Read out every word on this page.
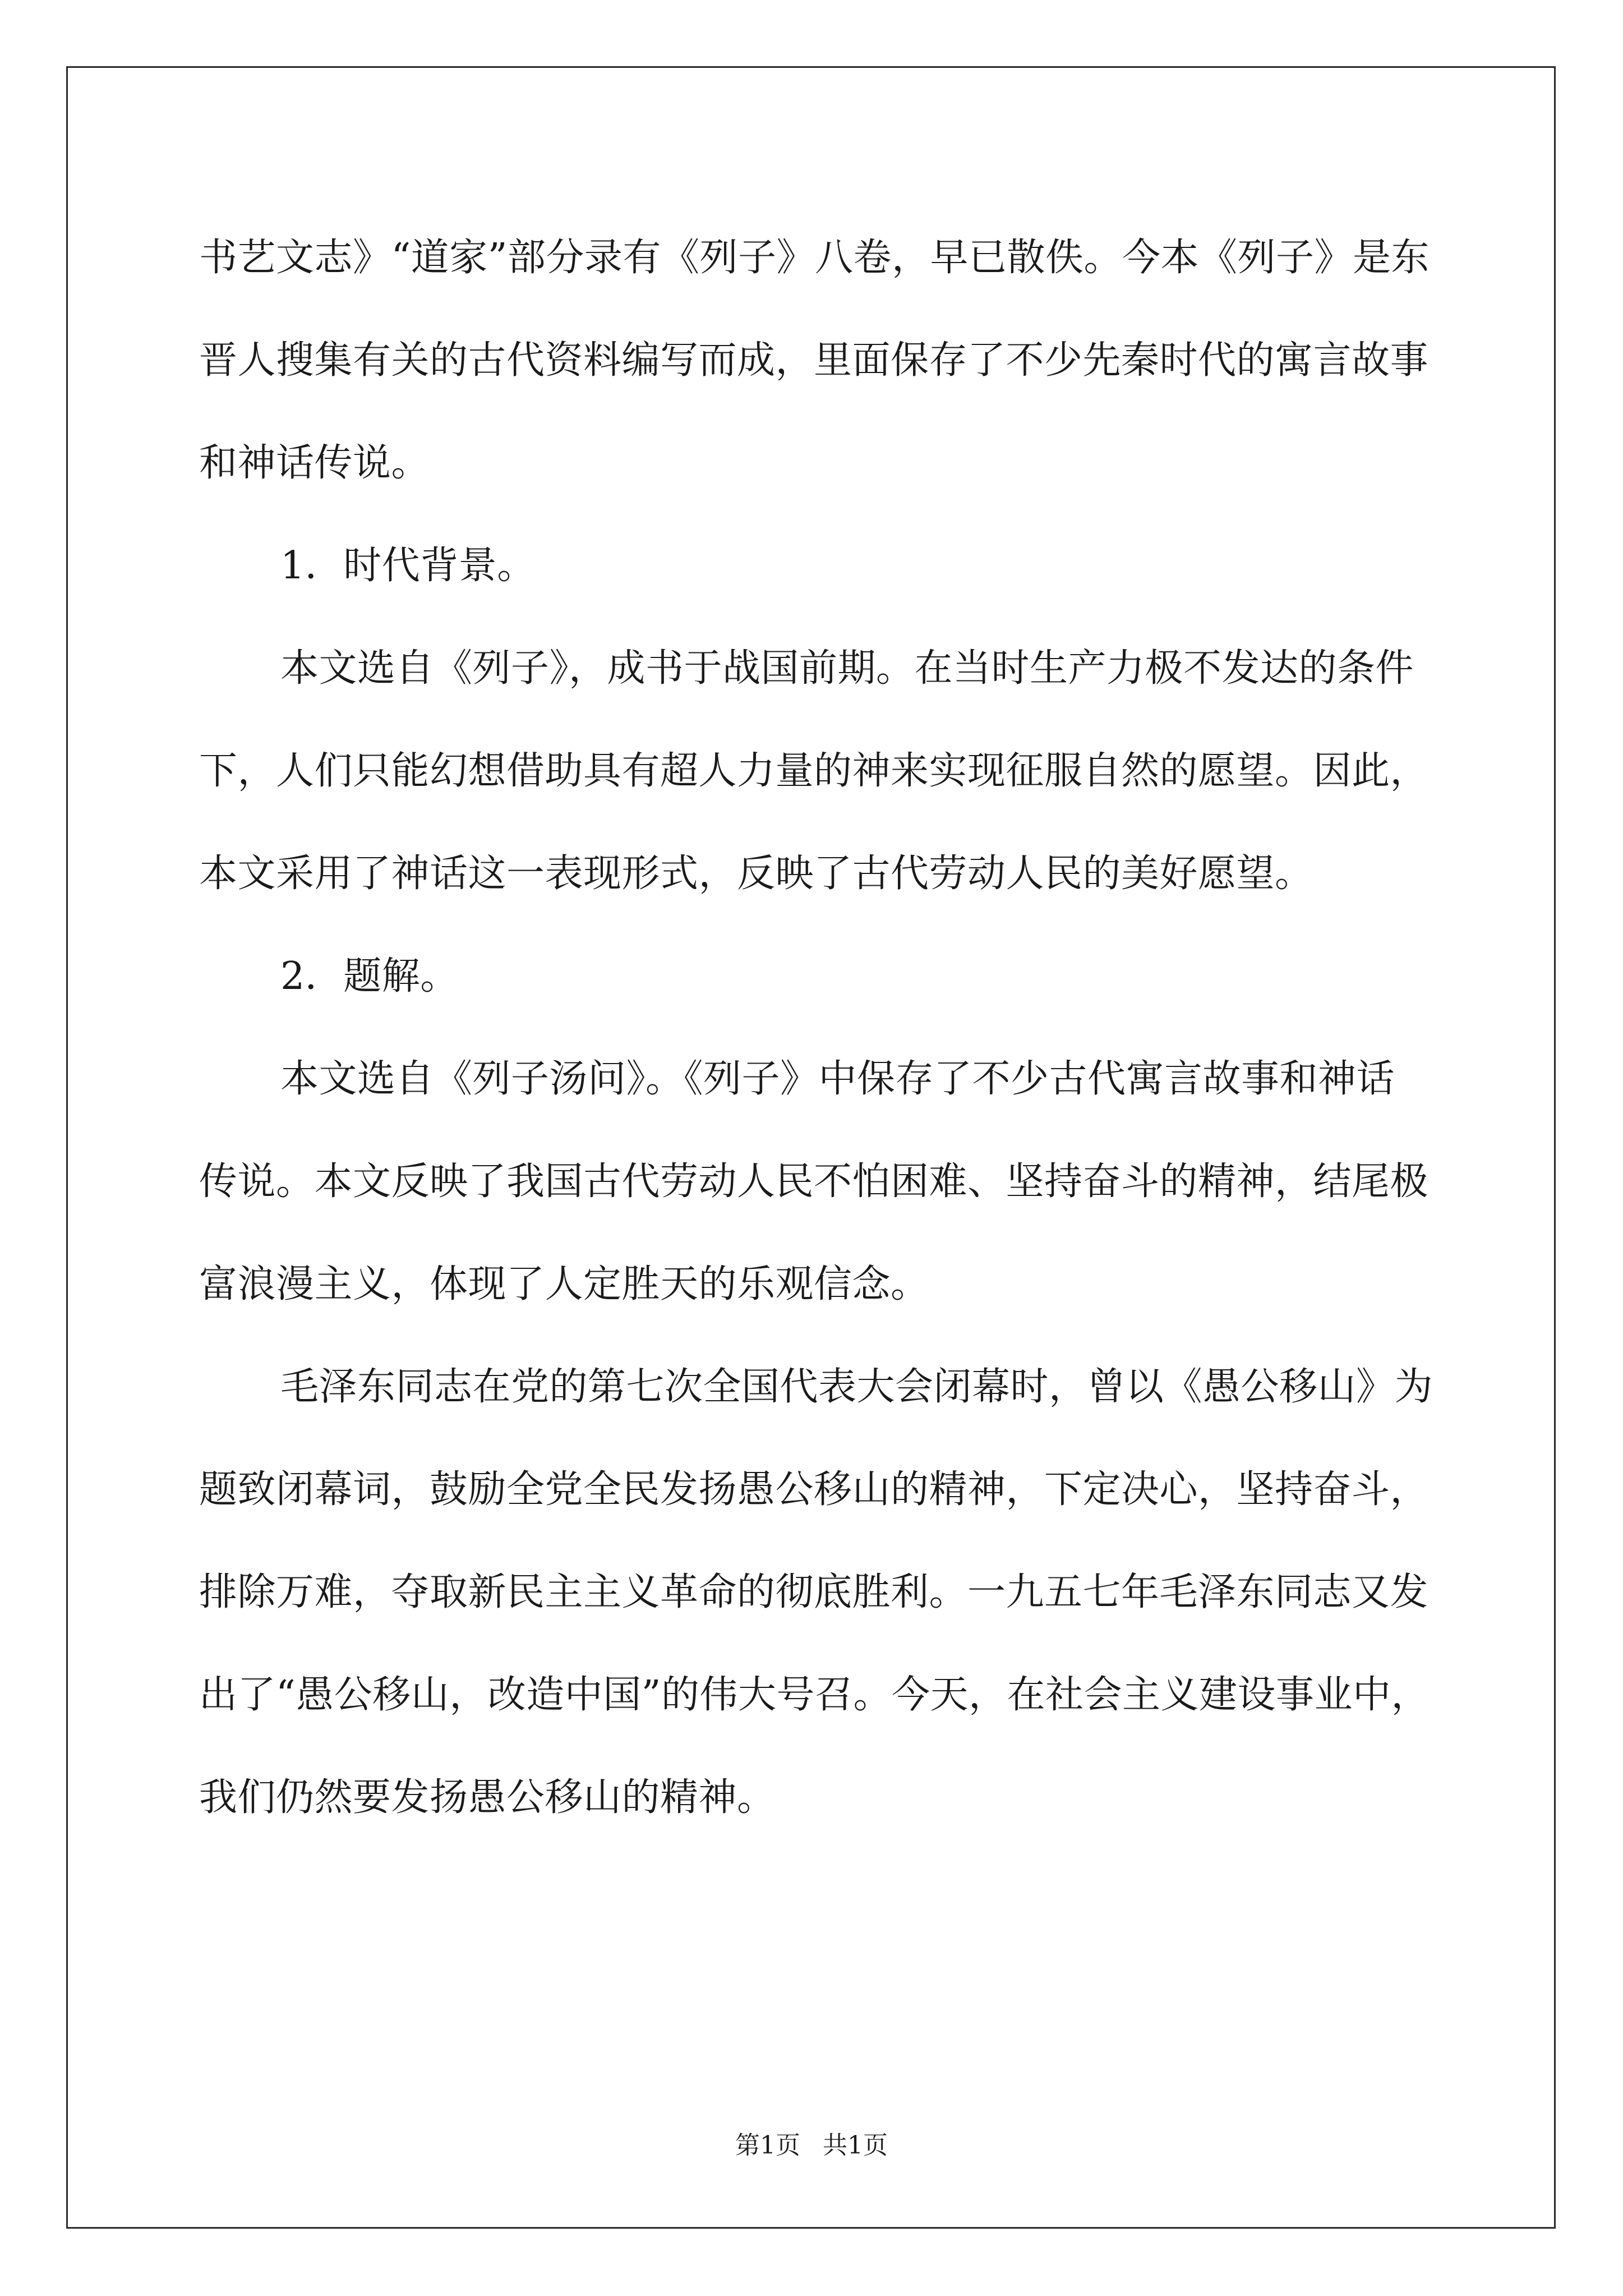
书艺文志》“道家”部分录有《列子》八卷，早已散佚。今本《列子》是东晋人搜集有关的古代资料编写而成，里面保存了不少先秦时代的寓言故事和神话传说。

1．时代背景。

本文选自《列子》，成书于战国前期。在当时生产力极不发达的条件下，人们只能幻想借助具有超人力量的神来实现征服自然的愿望。因此，本文采用了神话这一表现形式，反映了古代劳动人民的美好愿望。

2．题解。

本文选自《列子汤问》。《列子》中保存了不少古代寓言故事和神话传说。本文反映了我国古代劳动人民不怕困难、坚持奋斗的精神，结尾极富浪漫主义，体现了人定胜天的乐观信念。

毛泽东同志在党的第七次全国代表大会闭幕时，曾以《愚公移山》为题致闭幕词，鼓励全党全民发扬愚公移山的精神，下定决心，坚持奋斗，排除万难，夺取新民主主义革命的彻底胜利。一九五七年毛泽东同志又发出了“愚公移山，改造中国”的伟大号召。今天，在社会主义建设事业中，我们仍然要发扬愚公移山的精神。

第1页 共1页
